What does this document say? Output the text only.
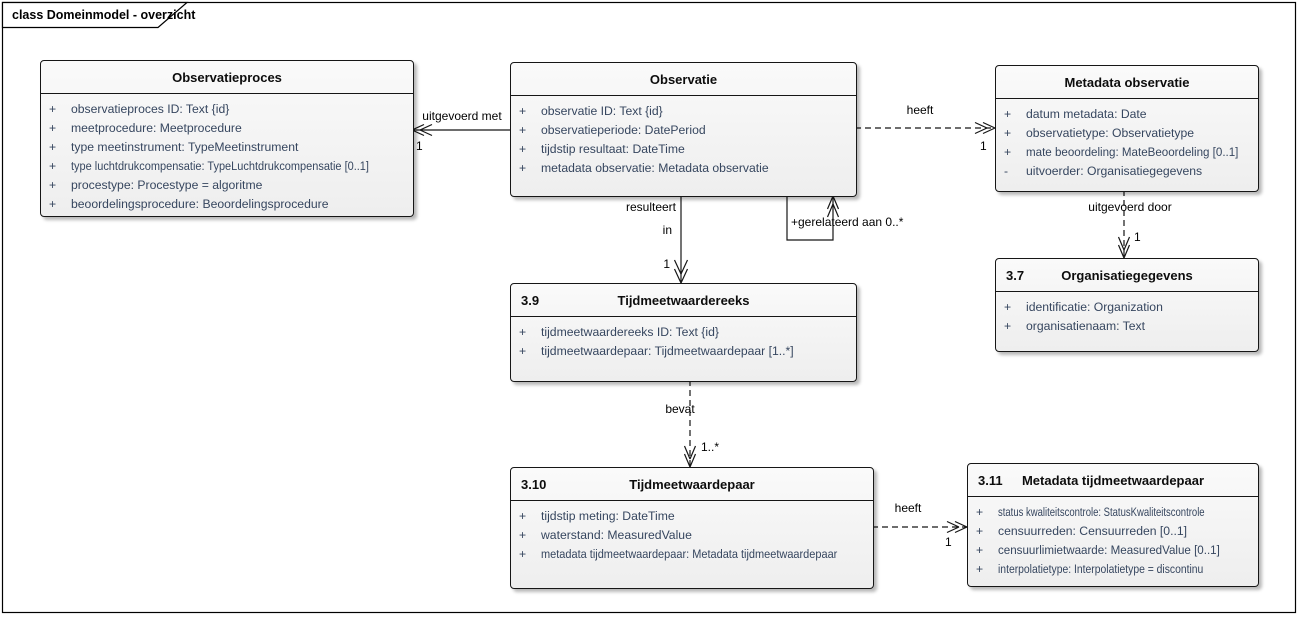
class Domeinmodel - overzicht
Observatieproces
+	observatieproces ID: Text {id}
+	meetprocedure: Meetprocedure
+	type meetinstrument: TypeMeetinstrument
+	type luchtdrukcompensatie: TypeLuchtdrukcompensatie [0..1]
+	procestype: Procestype = algoritme
+	beoordelingsprocedure: Beoordelingsprocedure
Observatie
+	observatie ID: Text {id}
+	observatieperiode: DatePeriod
+	tijdstip resultaat: DateTime
+	metadata observatie: Metadata observatie
Metadata observatie
+	datum metadata: Date
+	observatietype: Observatietype
+	mate beoordeling: MateBeoordeling [0..1]
-	uitvoerder: Organisatiegegevens
3.9	Tijdmeetwaardereeks
+	tijdmeetwaardereeks ID: Text {id}
+	tijdmeetwaardepaar: Tijdmeetwaardepaar [1..*]
3.7	Organisatiegegevens
+	identificatie: Organization
+	organisatienaam: Text
3.10	Tijdmeetwaardepaar
+	tijdstip meting: DateTime
+	waterstand: MeasuredValue
+	metadata tijdmeetwaardepaar: Metadata tijdmeetwaardepaar
3.11 Metadata tijdmeetwaardepaar
+	status kwaliteitscontrole: StatusKwaliteitscontrole
+	censuurreden: Censuurreden [0..1]
+	censuurlimietwaarde: MeasuredValue [0..1]
+	interpolatietype: Interpolatietype = discontinu
uitgevoerd met
1
heeft
1
resulteert
in
1
+gerelateerd aan 0..*
uitgevoerd door
1
bevat
1..*
heeft
1
